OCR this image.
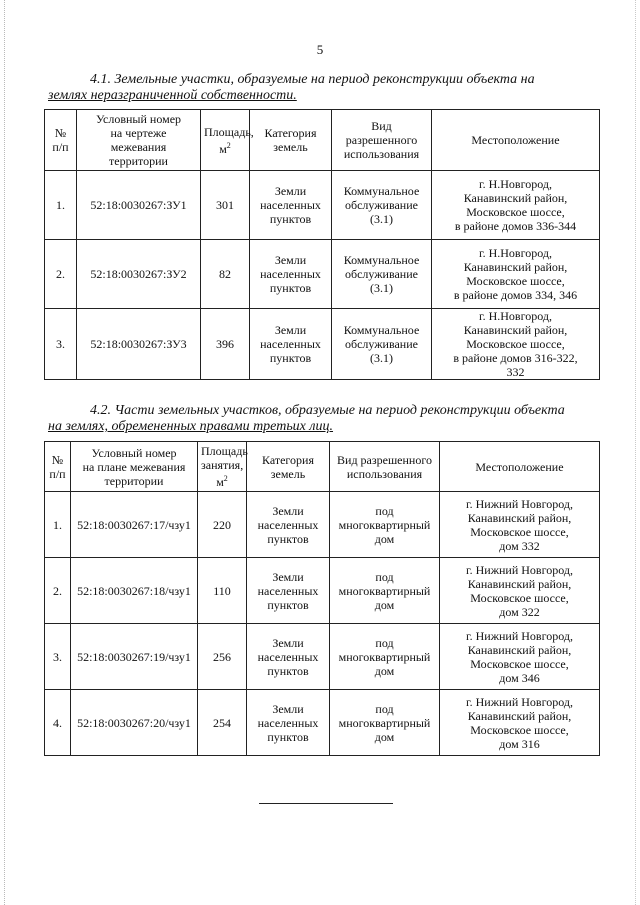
5
4.1. Земельные участки, образуемые на период реконструкции объекта на
землях неразграниченной собственности.
№
п/п	Условный номер
на чертеже
межевания
территории	Площадь,
$м^2$	Категория
земель	Вид
разрешенного
использования	Местоположение
1.	52:18:0030267:ЗУ1	301	Земли
населенных
пунктов	Коммунальное
обслуживание
(3.1)	г. Н.Новгород,
Канавинский район,
Московское шоссе,
в районе домов 336-344
2.	52:18:0030267:ЗУ2	82	Земли
населенных
пунктов	Коммунальное
обслуживание
(3.1)	г. Н.Новгород,
Канавинский район,
Московское шоссе,
в районе домов 334, 346
3.	52:18:0030267:ЗУ3	396	Земли
населенных
пунктов	Коммунальное
обслуживание
(3.1)	г. Н.Новгород,
Канавинский район,
Московское шоссе,
в районе домов 316-322,
332
4.2. Части земельных участков, образуемые на период реконструкции объекта
на землях, обремененных правами третьих лиц.
№
п/п	Условный номер
на плане межевания
территории	Площадь
занятия,
$м^2$	Категория
земель	Вид разрешенного
использования	Местоположение
1.	52:18:0030267:17/чзу1	220	Земли
населенных
пунктов	под
многоквартирный
дом	г. Нижний Новгород,
Канавинский район,
Московское шоссе,
дом 332
2.	52:18:0030267:18/чзу1	110	Земли
населенных
пунктов	под
многоквартирный
дом	г. Нижний Новгород,
Канавинский район,
Московское шоссе,
дом 322
3.	52:18:0030267:19/чзу1	256	Земли
населенных
пунктов	под
многоквартирный
дом	г. Нижний Новгород,
Канавинский район,
Московское шоссе,
дом 346
4.	52:18:0030267:20/чзу1	254	Земли
населенных
пунктов	под
многоквартирный
дом	г. Нижний Новгород,
Канавинский район,
Московское шоссе,
дом 316
